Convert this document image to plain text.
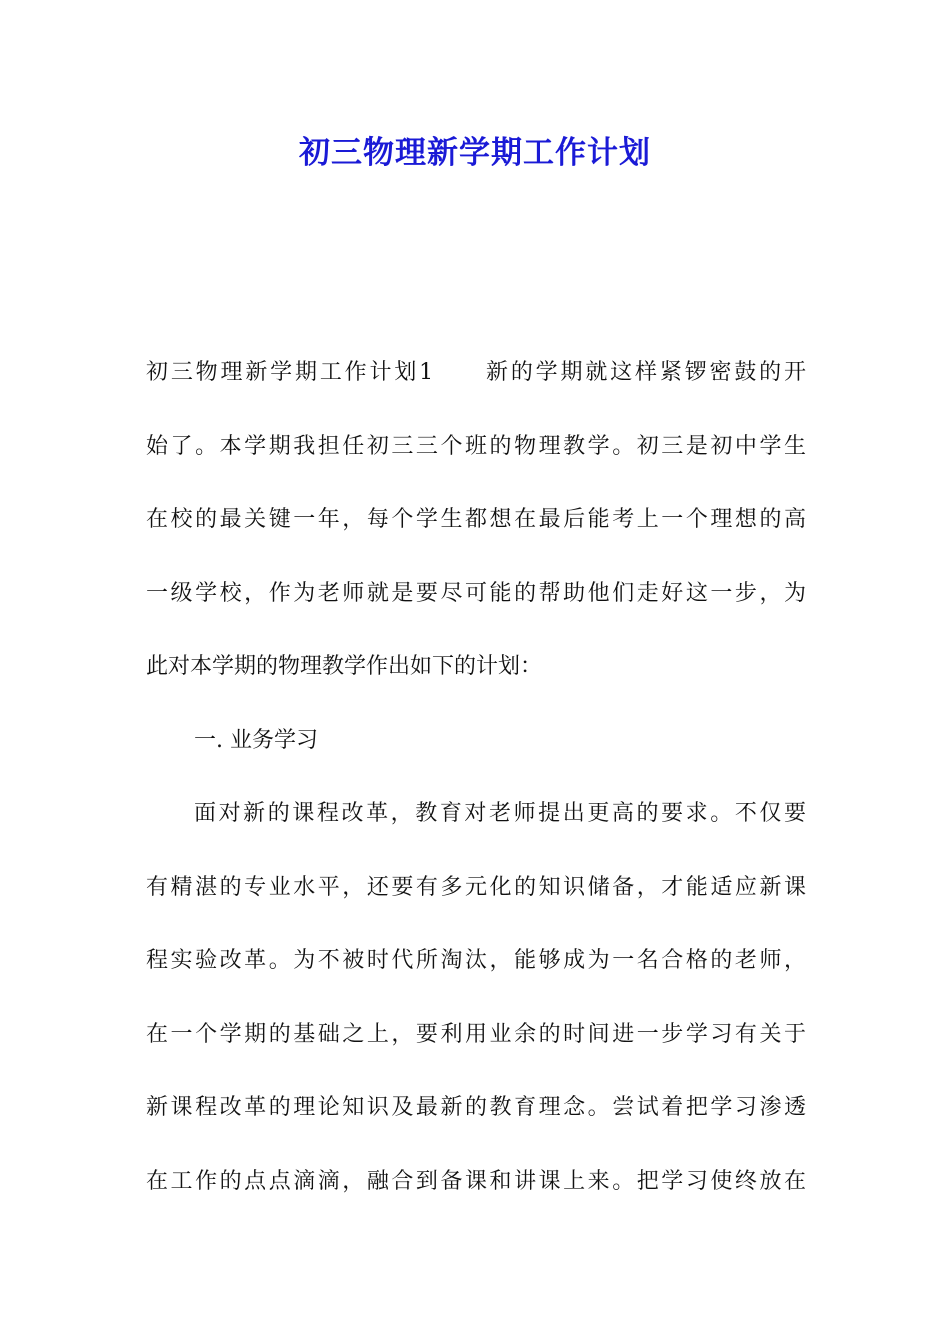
初三物理新学期工作计划
初三物理新学期工作计划1 新的学期就这样紧锣密鼓的开
始了。本学期我担任初三三个班的物理教学。初三是初中学生
在校的最关键一年，每个学生都想在最后能考上一个理想的高
一级学校，作为老师就是要尽可能的帮助他们走好这一步，为
此对本学期的物理教学作出如下的计划：
一. 业务学习
面对新的课程改革，教育对老师提出更高的要求。不仅要
有精湛的专业水平，还要有多元化的知识储备，才能适应新课
程实验改革。为不被时代所淘汰，能够成为一名合格的老师，
在一个学期的基础之上，要利用业余的时间进一步学习有关于
新课程改革的理论知识及最新的教育理念。尝试着把学习渗透
在工作的点点滴滴，融合到备课和讲课上来。把学习使终放在
